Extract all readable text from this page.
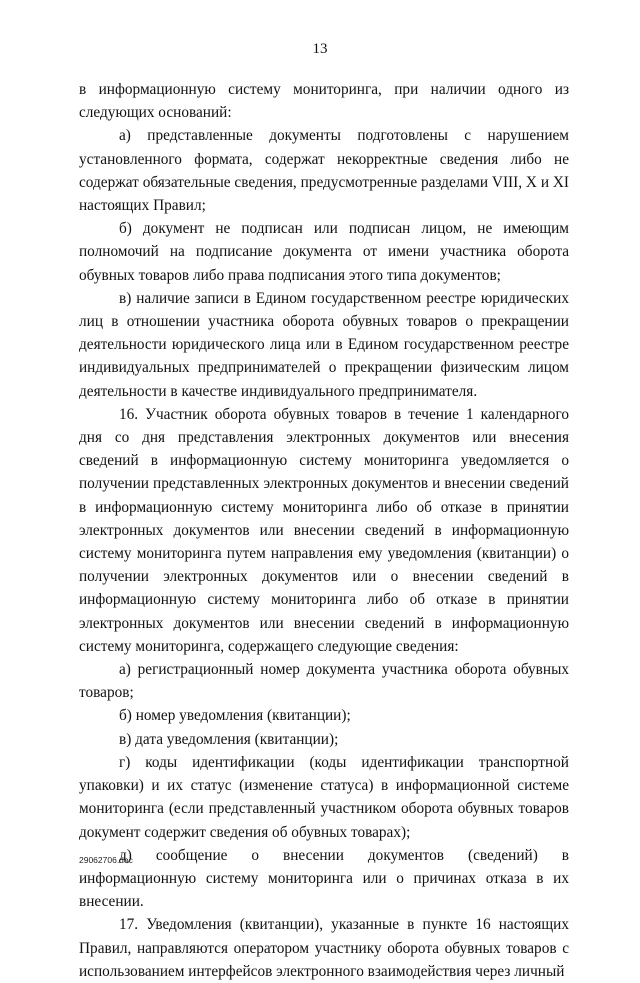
13

в информационную систему мониторинга, при наличии одного из следующих оснований:

а) представленные документы подготовлены с нарушением установленного формата, содержат некорректные сведения либо не содержат обязательные сведения, предусмотренные разделами VIII, X и XI настоящих Правил;

б) документ не подписан или подписан лицом, не имеющим полномочий на подписание документа от имени участника оборота обувных товаров либо права подписания этого типа документов;

в) наличие записи в Едином государственном реестре юридических лиц в отношении участника оборота обувных товаров о прекращении деятельности юридического лица или в Едином государственном реестре индивидуальных предпринимателей о прекращении физическим лицом деятельности в качестве индивидуального предпринимателя.

16. Участник оборота обувных товаров в течение 1 календарного дня со дня представления электронных документов или внесения сведений в информационную систему мониторинга уведомляется о получении представленных электронных документов и внесении сведений в информационную систему мониторинга либо об отказе в принятии электронных документов или внесении сведений в информационную систему мониторинга путем направления ему уведомления (квитанции) о получении электронных документов или о внесении сведений в информационную систему мониторинга либо об отказе в принятии электронных документов или внесении сведений в информационную систему мониторинга, содержащего следующие сведения:

а) регистрационный номер документа участника оборота обувных товаров;

б) номер уведомления (квитанции);

в) дата уведомления (квитанции);

г) коды идентификации (коды идентификации транспортной упаковки) и их статус (изменение статуса) в информационной системе мониторинга (если представленный участником оборота обувных товаров документ содержит сведения об обувных товарах);

д) сообщение о внесении документов (сведений) в информационную систему мониторинга или о причинах отказа в их внесении.

17. Уведомления (квитанции), указанные в пункте 16 настоящих Правил, направляются оператором участнику оборота обувных товаров с использованием интерфейсов электронного взаимодействия через личный

29062706.doc
